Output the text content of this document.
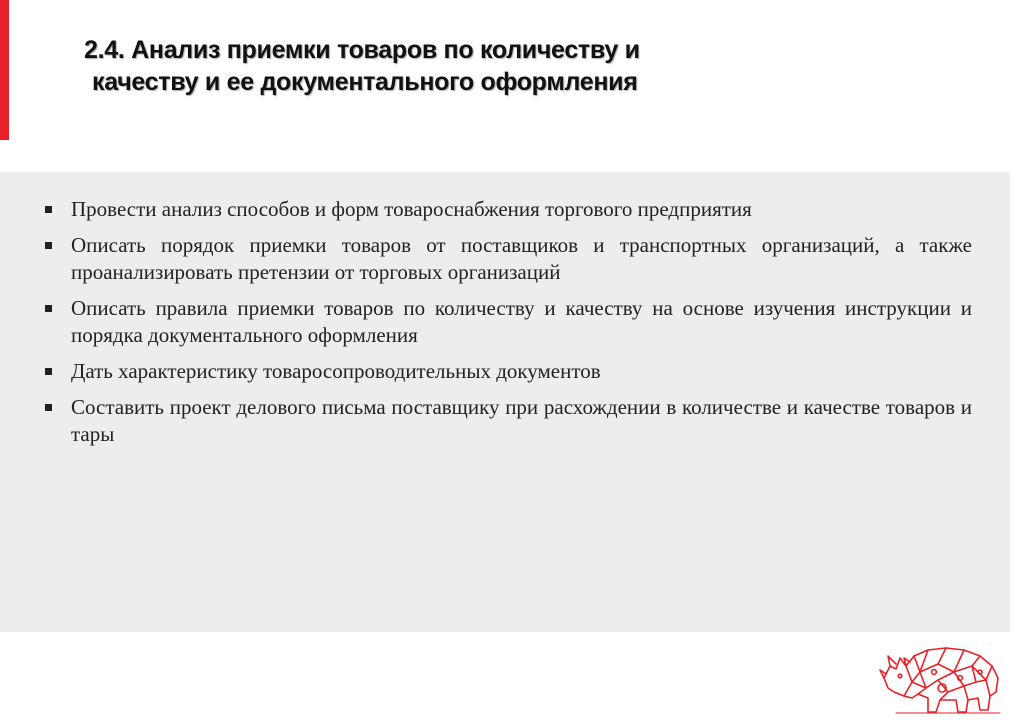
2.4. Анализ приемки товаров по количеству и
качеству и ее документального оформления
Провести анализ способов и форм товароснабжения торгового предприятия
Описать порядок приемки товаров от поставщиков и транспортных организаций, а также проанализировать претензии от торговых организаций
Описать правила приемки товаров по количеству и качеству на основе изучения инструкции и порядка документального оформления
Дать характеристику товаросопроводительных документов
Составить проект делового письма поставщику при расхождении в количестве и качестве товаров и тары
